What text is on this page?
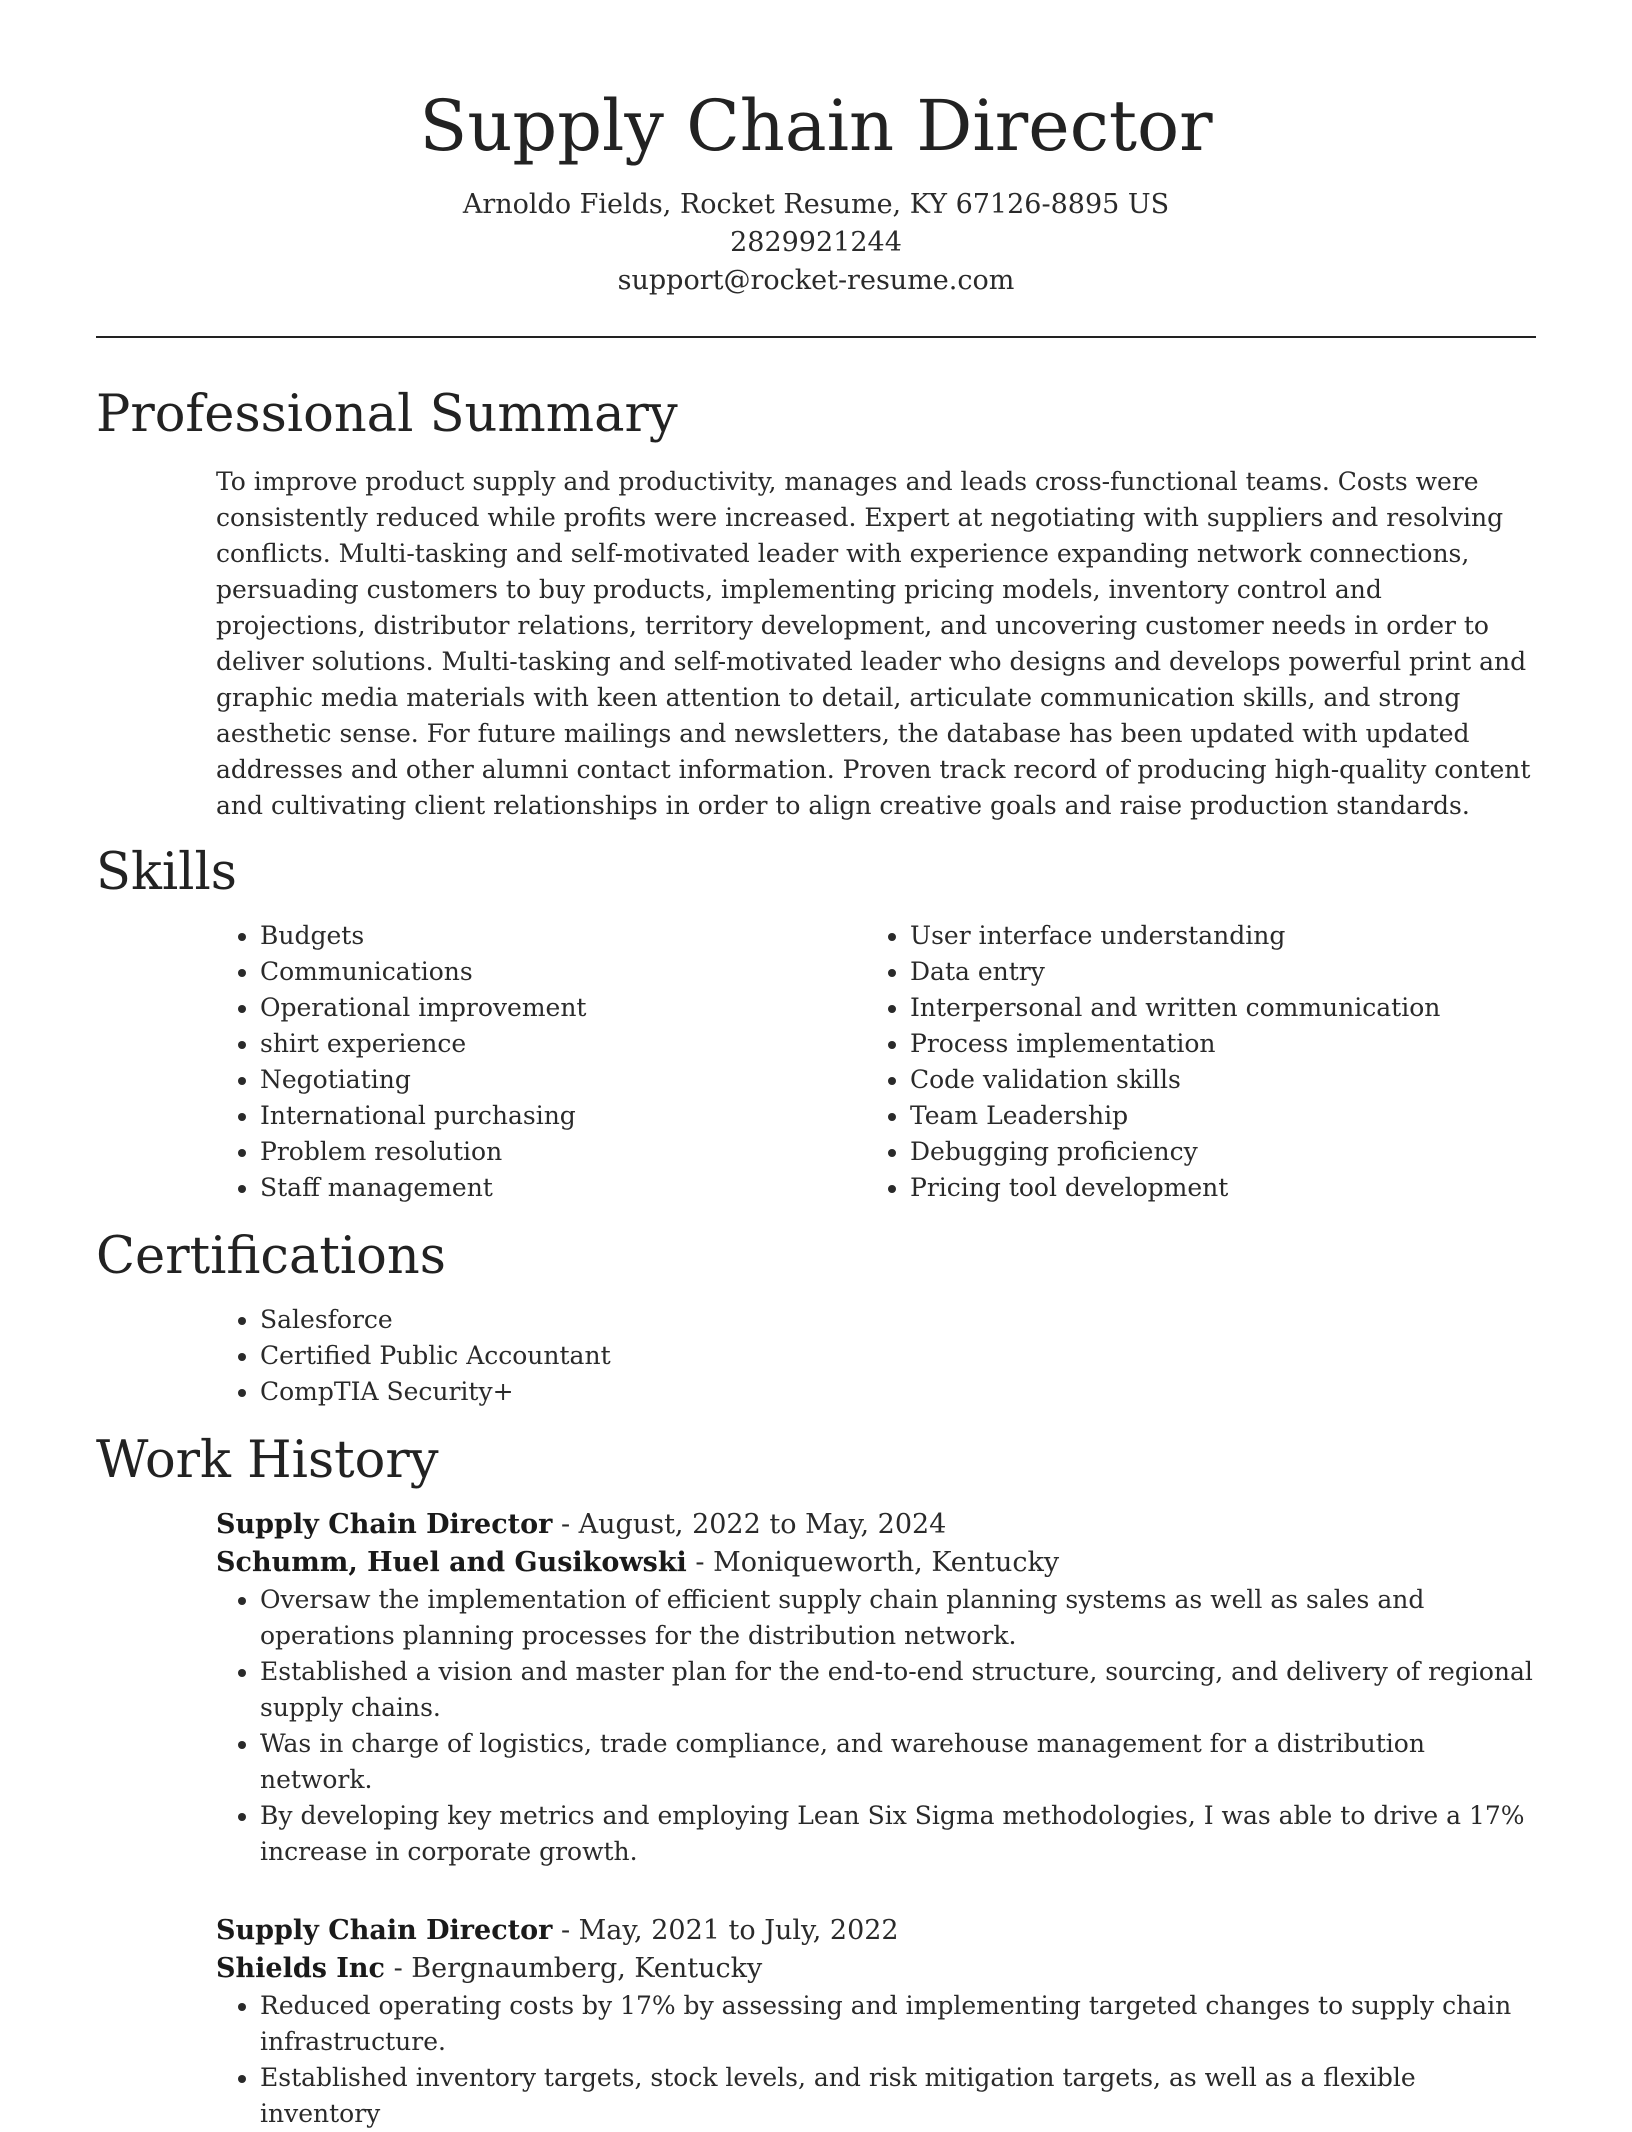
Supply Chain Director
Arnoldo Fields, Rocket Resume, KY 67126-8895 US
2829921244
support@rocket-resume.com
Professional Summary

To improve product supply and productivity, manages and leads cross-functional teams. Costs were consistently reduced while profits were increased. Expert at negotiating with suppliers and resolving conflicts. Multi-tasking and self-motivated leader with experience expanding network connections, persuading customers to buy products, implementing pricing models, inventory control and projections, distributor relations, territory development, and uncovering customer needs in order to deliver solutions. Multi-tasking and self-motivated leader who designs and develops powerful print and graphic media materials with keen attention to detail, articulate communication skills, and strong aesthetic sense. For future mailings and newsletters, the database has been updated with updated addresses and other alumni contact information. Proven track record of producing high-quality content and cultivating client relationships in order to align creative goals and raise production standards.

Skills
• Budgets
• Communications
• Operational improvement
• shirt experience
• Negotiating
• International purchasing
• Problem resolution
• Staff management
• User interface understanding
• Data entry
• Interpersonal and written communication
• Process implementation
• Code validation skills
• Team Leadership
• Debugging proficiency
• Pricing tool development
Certifications
• Salesforce
• Certified Public Accountant
• CompTIA Security+
Work History
Supply Chain Director - August, 2022 to May, 2024
Schumm, Huel and Gusikowski - Moniqueworth, Kentucky
• Oversaw the implementation of efficient supply chain planning systems as well as sales and operations planning processes for the distribution network.
• Established a vision and master plan for the end-to-end structure, sourcing, and delivery of regional supply chains.
• Was in charge of logistics, trade compliance, and warehouse management for a distribution network.
• By developing key metrics and employing Lean Six Sigma methodologies, I was able to drive a 17% increase in corporate growth.
Supply Chain Director - May, 2021 to July, 2022
Shields Inc - Bergnaumberg, Kentucky
• Reduced operating costs by 17% by assessing and implementing targeted changes to supply chain infrastructure.
• Established inventory targets, stock levels, and risk mitigation targets, as well as a flexible inventory
